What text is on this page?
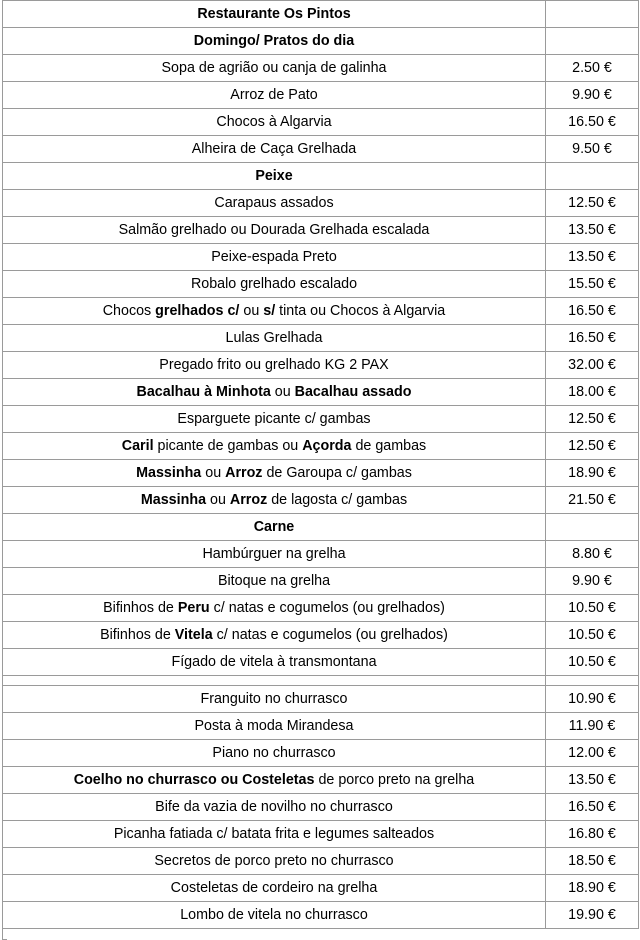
Restaurante Os Pintos	
Domingo/ Pratos do dia	
Sopa de agrião ou canja de galinha	2.50 €
Arroz de Pato	9.90 €
Chocos à Algarvia	16.50 €
Alheira de Caça Grelhada	9.50 €
Peixe	
Carapaus assados	12.50 €
Salmão grelhado ou Dourada Grelhada escalada	13.50 €
Peixe-espada Preto	13.50 €
Robalo grelhado escalado	15.50 €
Chocos grelhados c/ ou s/ tinta ou Chocos à Algarvia	16.50 €
Lulas Grelhada	16.50 €
Pregado frito ou grelhado KG 2 PAX	32.00 €
Bacalhau à Minhota ou Bacalhau assado	18.00 €
Esparguete picante c/ gambas	12.50 €
Caril picante de gambas ou Açorda de gambas	12.50 €
Massinha ou Arroz de Garoupa c/ gambas	18.90 €
Massinha ou Arroz de lagosta c/ gambas	21.50 €
Carne	
Hambúrguer na grelha	8.80 €
Bitoque na grelha	9.90 €
Bifinhos de Peru c/ natas e cogumelos (ou grelhados)	10.50 €
Bifinhos de Vitela c/ natas e cogumelos (ou grelhados)	10.50 €
Fígado de vitela à transmontana	10.50 €

Franguito no churrasco	10.90 €
Posta à moda Mirandesa	11.90 €
Piano no churrasco	12.00 €
Coelho no churrasco ou Costeletas de porco preto na grelha	13.50 €
Bife da vazia de novilho no churrasco	16.50 €
Picanha fatiada c/ batata frita e legumes salteados	16.80 €
Secretos de porco preto no churrasco	18.50 €
Costeletas de cordeiro na grelha	18.90 €
Lombo de vitela no churrasco	19.90 €
